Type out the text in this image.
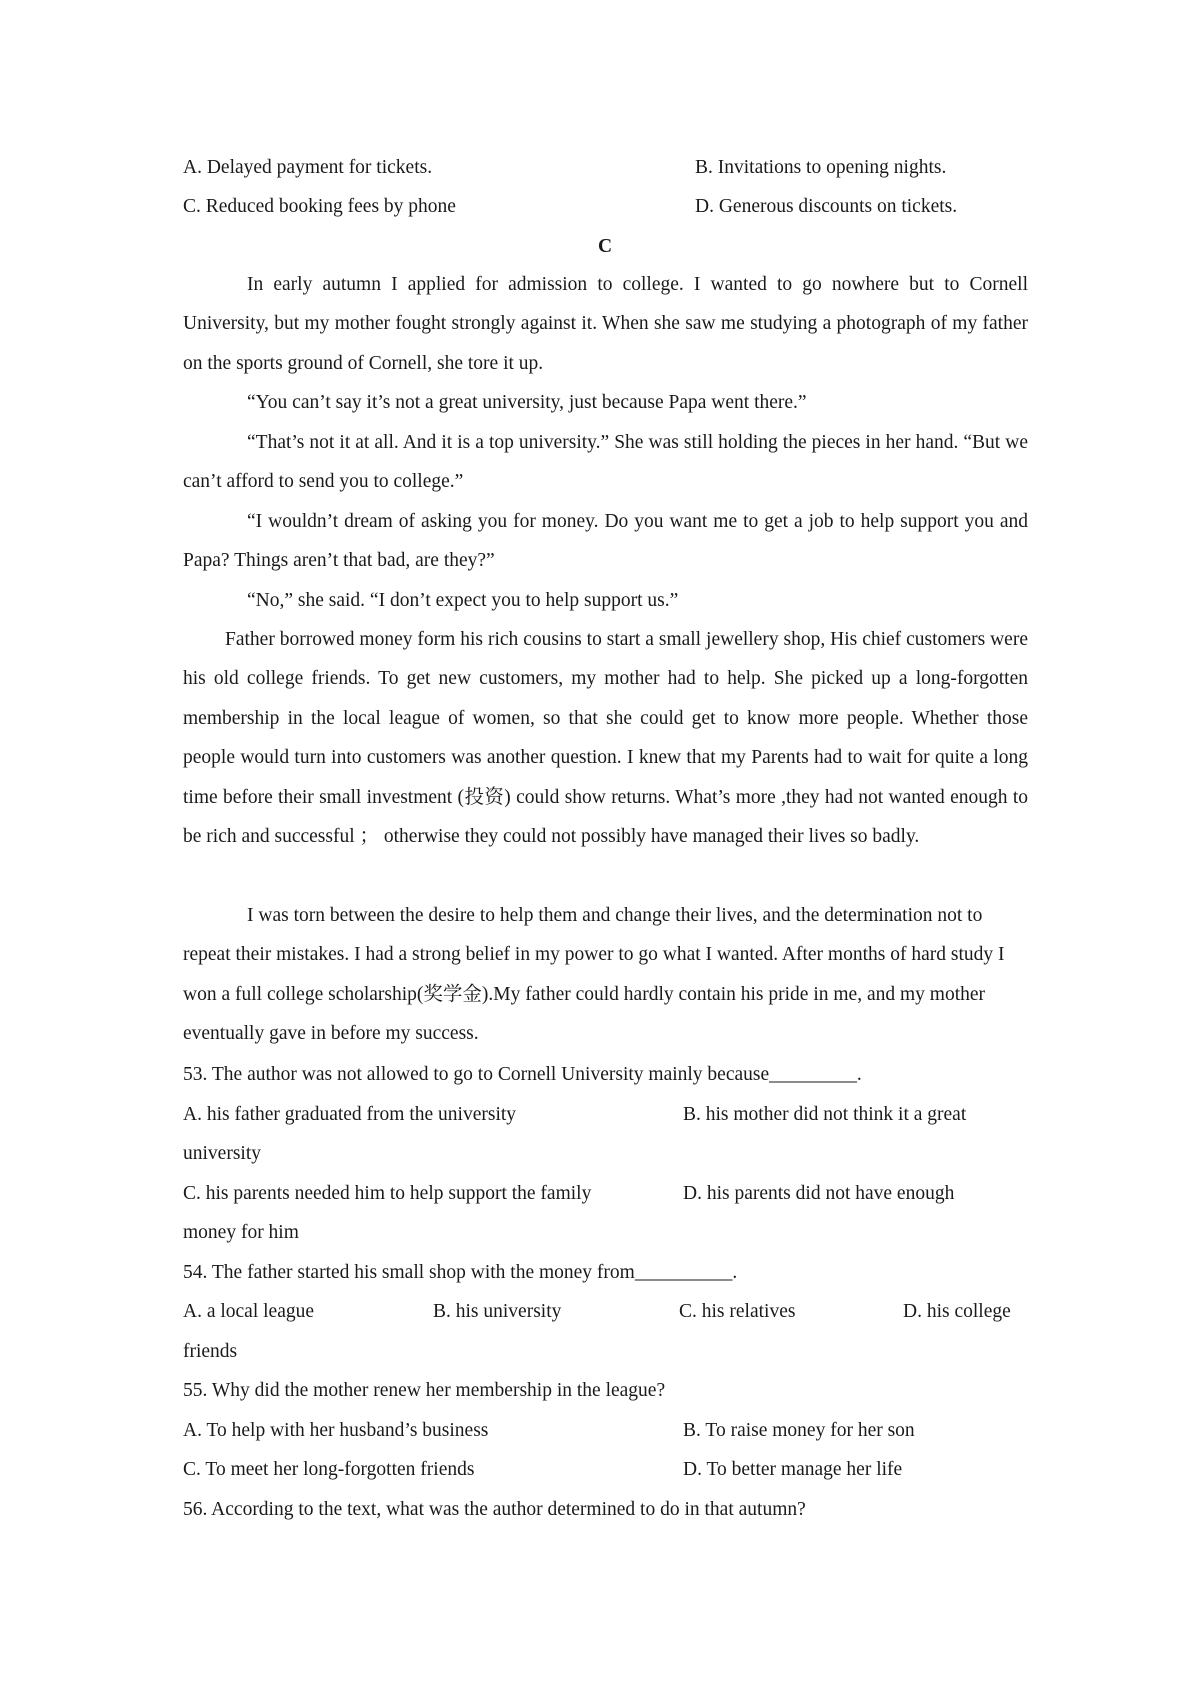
A. Delayed payment for tickets.	B. Invitations to opening nights.
C. Reduced booking fees by phone	D. Generous discounts on tickets.
C
In early autumn I applied for admission to college. I wanted to go nowhere but to Cornell University, but my mother fought strongly against it. When she saw me studying a photograph of my father on the sports ground of Cornell, she tore it up.
“You can’t say it’s not a great university, just because Papa went there.”
“That’s not it at all. And it is a top university.” She was still holding the pieces in her hand. “But we can’t afford to send you to college.”
“I wouldn’t dream of asking you for money. Do you want me to get a job to help support you and Papa? Things aren’t that bad, are they?”
“No,” she said. “I don’t expect you to help support us.”
Father borrowed money form his rich cousins to start a small jewellery shop, His chief customers were his old college friends. To get new customers, my mother had to help. She picked up a long-forgotten membership in the local league of women, so that she could get to know more people. Whether those people would turn into customers was another question. I knew that my Parents had to wait for quite a long time before their small investment (投资) could show returns. What’s more ,they had not wanted enough to be rich and successful ； otherwise they could not possibly have managed their lives so badly.
I was torn between the desire to help them and change their lives, and the determination not to repeat their mistakes. I had a strong belief in my power to go what I wanted. After months of hard study I won a full college scholarship(奖学金).My father could hardly contain his pride in me, and my mother eventually gave in before my success.
53. The author was not allowed to go to Cornell University mainly because_________.
A. his father graduated from the university	B. his mother did not think it a great
university
C. his parents needed him to help support the family	D. his parents did not have enough
money for him
54. The father started his small shop with the money from__________.
A. a local league	B. his university	C. his relatives	D. his college
friends
55. Why did the mother renew her membership in the league?
A. To help with her husband’s business	B. To raise money for her son
C. To meet her long-forgotten friends	D. To better manage her life
56. According to the text, what was the author determined to do in that autumn?
